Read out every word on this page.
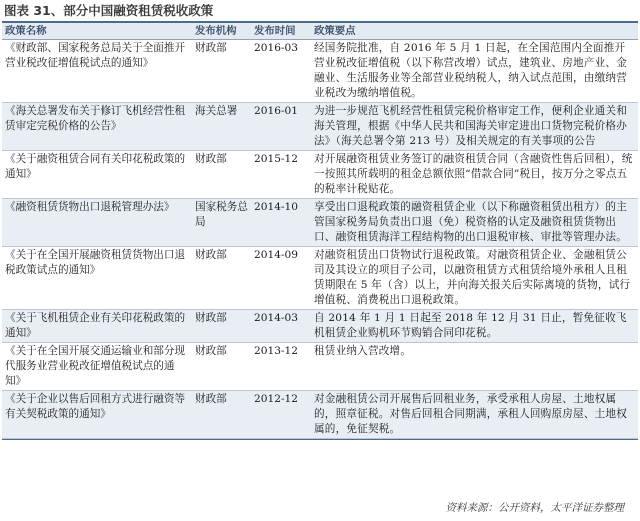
图表 31、部分中国融资租赁税收政策
政策名称	发布机构	发布时间	政策要点
《财政部、国家税务总局关于全面推开营业税改征增值税试点的通知》	财政部	2016-03	经国务院批准，自 2016 年 5 月 1 日起，在全国范围内全面推开营业税改征增值税（以下称营改增）试点，建筑业、房地产业、金融业、生活服务业等全部营业税纳税人，纳入试点范围，由缴纳营业税改为缴纳增值税。
《海关总署发布关于修订飞机经营性租赁审定完税价格的公告》	海关总署	2016-01	为进一步规范飞机经营性租赁完税价格审定工作，便利企业通关和海关管理，根据《中华人民共和国海关审定进出口货物完税价格办法》（海关总署令第 213 号）及相关规定的有关事项的公告
《关于融资租赁合同有关印花税政策的通知》	财政部	2015-12	对开展融资租赁业务签订的融资租赁合同（含融资性售后回租），统一按照其所载明的租金总额依照“借款合同”税目，按万分之零点五的税率计税贴花。
《融资租赁货物出口退税管理办法》	国家税务总局	2014-10	享受出口退税政策的融资租赁企业（以下称融资租赁出租方）的主管国家税务局负责出口退（免）税资格的认定及融资租赁货物出口、融资租赁海洋工程结构物的出口退税审核、审批等管理办法。
《关于在全国开展融资租赁货物出口退税政策试点的通知》	财政部	2014-09	对融资租赁出口货物试行退税政策。对融资租赁企业、金融租赁公司及其设立的项目子公司，以融资租赁方式租赁给境外承租人且租赁期限在 5 年（含）以上，并向海关报关后实际离境的货物，试行增值税、消费税出口退税政策。
《关于飞机租赁企业有关印花税政策的通知》	财政部	2014-03	自 2014 年 1 月 1 日起至 2018 年 12 月 31 日止，暂免征收飞机租赁企业购机环节购销合同印花税。
《关于在全国开展交通运输业和部分现代服务业营业税改征增值税试点的通知》	财政部	2013-12	租赁业纳入营改增。
《关于企业以售后回租方式进行融资等有关契税政策的通知》	财政部	2012-12	对金融租赁公司开展售后回租业务，承受承租人房屋、土地权属的，照章征税。对售后回租合同期满，承租人回购原房屋、土地权属的，免征契税。
资料来源：公开资料，太平洋证券整理
